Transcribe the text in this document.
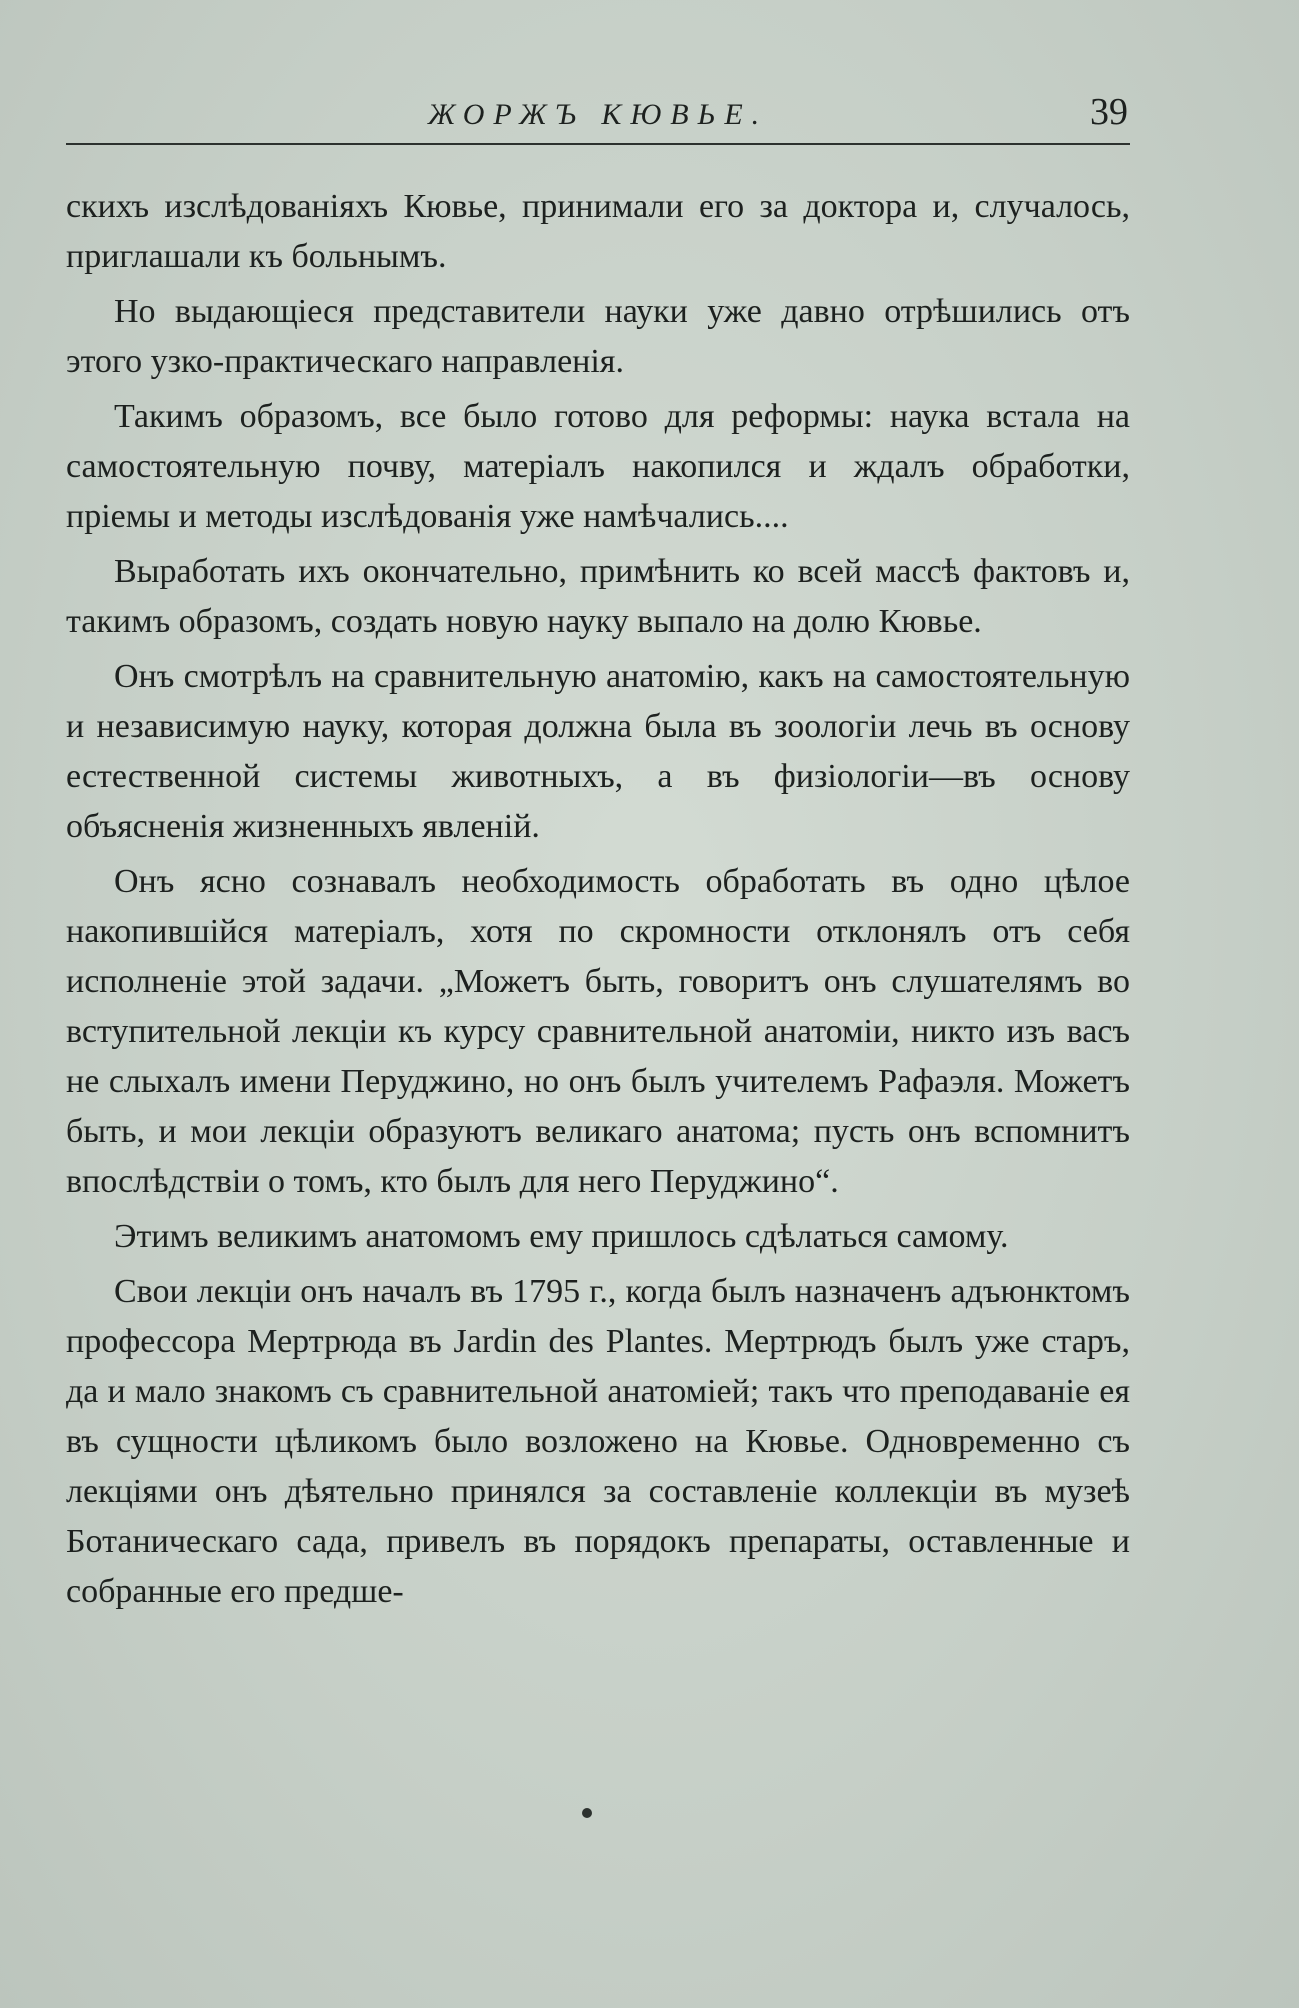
ЖОРЖЪ КЮВЬЕ.	39

скихъ изслѣдованіяхъ Кювье, принимали его за доктора и, случалось, приглашали къ больнымъ.

Но выдающіеся представители науки уже давно отрѣшились отъ этого узко-практическаго направленія.

Такимъ образомъ, все было готово для реформы: наука встала на самостоятельную почву, матеріалъ накопился и ждалъ обработки, пріемы и методы изслѣдованія уже намѣчались....

Выработать ихъ окончательно, примѣнить ко всей массѣ фактовъ и, такимъ образомъ, создать новую науку выпало на долю Кювье.

Онъ смотрѣлъ на сравнительную анатомію, какъ на самостоятельную и независимую науку, которая должна была въ зоологіи лечь въ основу естественной системы животныхъ, а въ физіологіи—въ основу объясненія жизненныхъ явленій.

Онъ ясно сознавалъ необходимость обработать въ одно цѣлое накопившійся матеріалъ, хотя по скромности отклонялъ отъ себя исполненіе этой задачи. „Можетъ быть, говоритъ онъ слушателямъ во вступительной лекціи къ курсу сравнительной анатоміи, никто изъ васъ не слыхалъ имени Перуджино, но онъ былъ учителемъ Рафаэля. Можетъ быть, и мои лекціи образуютъ великаго анатома; пусть онъ вспомнитъ впослѣдствіи о томъ, кто былъ для него Перуджино“.

Этимъ великимъ анатомомъ ему пришлось сдѣлаться самому.

Свои лекціи онъ началъ въ 1795 г., когда былъ назначенъ адъюнктомъ профессора Мертрюда въ Jardin des Plantes. Мертрюдъ былъ уже старъ, да и мало знакомъ съ сравнительной анатоміей; такъ что преподаваніе ея въ сущности цѣликомъ было возложено на Кювье. Одновременно съ лекціями онъ дѣятельно принялся за составленіе коллекціи въ музеѣ Ботаническаго сада, привелъ въ порядокъ препараты, оставленные и собранные его предше-
